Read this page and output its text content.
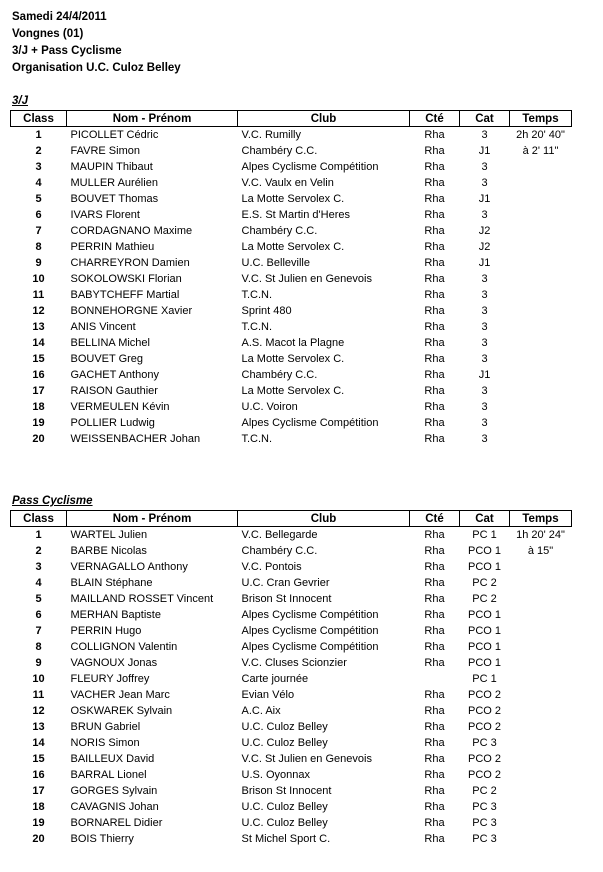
Samedi 24/4/2011
Vongnes (01)
3/J + Pass Cyclisme
Organisation U.C. Culoz Belley
3/J
Class	Nom - Prénom	Club	Cté	Cat	Temps
1	PICOLLET Cédric	V.C. Rumilly	Rha	3	2h 20' 40"
2	FAVRE Simon	Chambéry C.C.	Rha	J1	à 2' 11"
3	MAUPIN Thibaut	Alpes Cyclisme Compétition	Rha	3	
4	MULLER Aurélien	V.C. Vaulx en Velin	Rha	3	
5	BOUVET Thomas	La Motte Servolex C.	Rha	J1	
6	IVARS Florent	E.S. St Martin d'Heres	Rha	3	
7	CORDAGNANO Maxime	Chambéry C.C.	Rha	J2	
8	PERRIN Mathieu	La Motte Servolex C.	Rha	J2	
9	CHARREYRON Damien	U.C. Belleville	Rha	J1	
10	SOKOLOWSKI Florian	V.C. St Julien en Genevois	Rha	3	
11	BABYTCHEFF Martial	T.C.N.	Rha	3	
12	BONNEHORGNE Xavier	Sprint 480	Rha	3	
13	ANIS Vincent	T.C.N.	Rha	3	
14	BELLINA Michel	A.S. Macot la Plagne	Rha	3	
15	BOUVET Greg	La Motte Servolex C.	Rha	3	
16	GACHET Anthony	Chambéry C.C.	Rha	J1	
17	RAISON Gauthier	La Motte Servolex C.	Rha	3	
18	VERMEULEN Kévin	U.C. Voiron	Rha	3	
19	POLLIER Ludwig	Alpes Cyclisme Compétition	Rha	3	
20	WEISSENBACHER Johan	T.C.N.	Rha	3	
Pass Cyclisme
Class	Nom - Prénom	Club	Cté	Cat	Temps
1	WARTEL Julien	V.C. Bellegarde	Rha	PC 1	1h 20' 24"
2	BARBE Nicolas	Chambéry C.C.	Rha	PCO 1	à 15"
3	VERNAGALLO Anthony	V.C. Pontois	Rha	PCO 1	
4	BLAIN Stéphane	U.C. Cran Gevrier	Rha	PC 2	
5	MAILLAND ROSSET Vincent	Brison St Innocent	Rha	PC 2	
6	MERHAN Baptiste	Alpes Cyclisme Compétition	Rha	PCO 1	
7	PERRIN Hugo	Alpes Cyclisme Compétition	Rha	PCO 1	
8	COLLIGNON Valentin	Alpes Cyclisme Compétition	Rha	PCO 1	
9	VAGNOUX Jonas	V.C. Cluses Scionzier	Rha	PCO 1	
10	FLEURY Joffrey	Carte journée		PC 1	
11	VACHER Jean Marc	Evian Vélo	Rha	PCO 2	
12	OSKWAREK Sylvain	A.C. Aix	Rha	PCO 2	
13	BRUN Gabriel	U.C. Culoz Belley	Rha	PCO 2	
14	NORIS Simon	U.C. Culoz Belley	Rha	PC 3	
15	BAILLEUX David	V.C. St Julien en Genevois	Rha	PCO 2	
16	BARRAL Lionel	U.S. Oyonnax	Rha	PCO 2	
17	GORGES Sylvain	Brison St Innocent	Rha	PC 2	
18	CAVAGNIS Johan	U.C. Culoz Belley	Rha	PC 3	
19	BORNAREL Didier	U.C. Culoz Belley	Rha	PC 3	
20	BOIS Thierry	St Michel Sport C.	Rha	PC 3	
